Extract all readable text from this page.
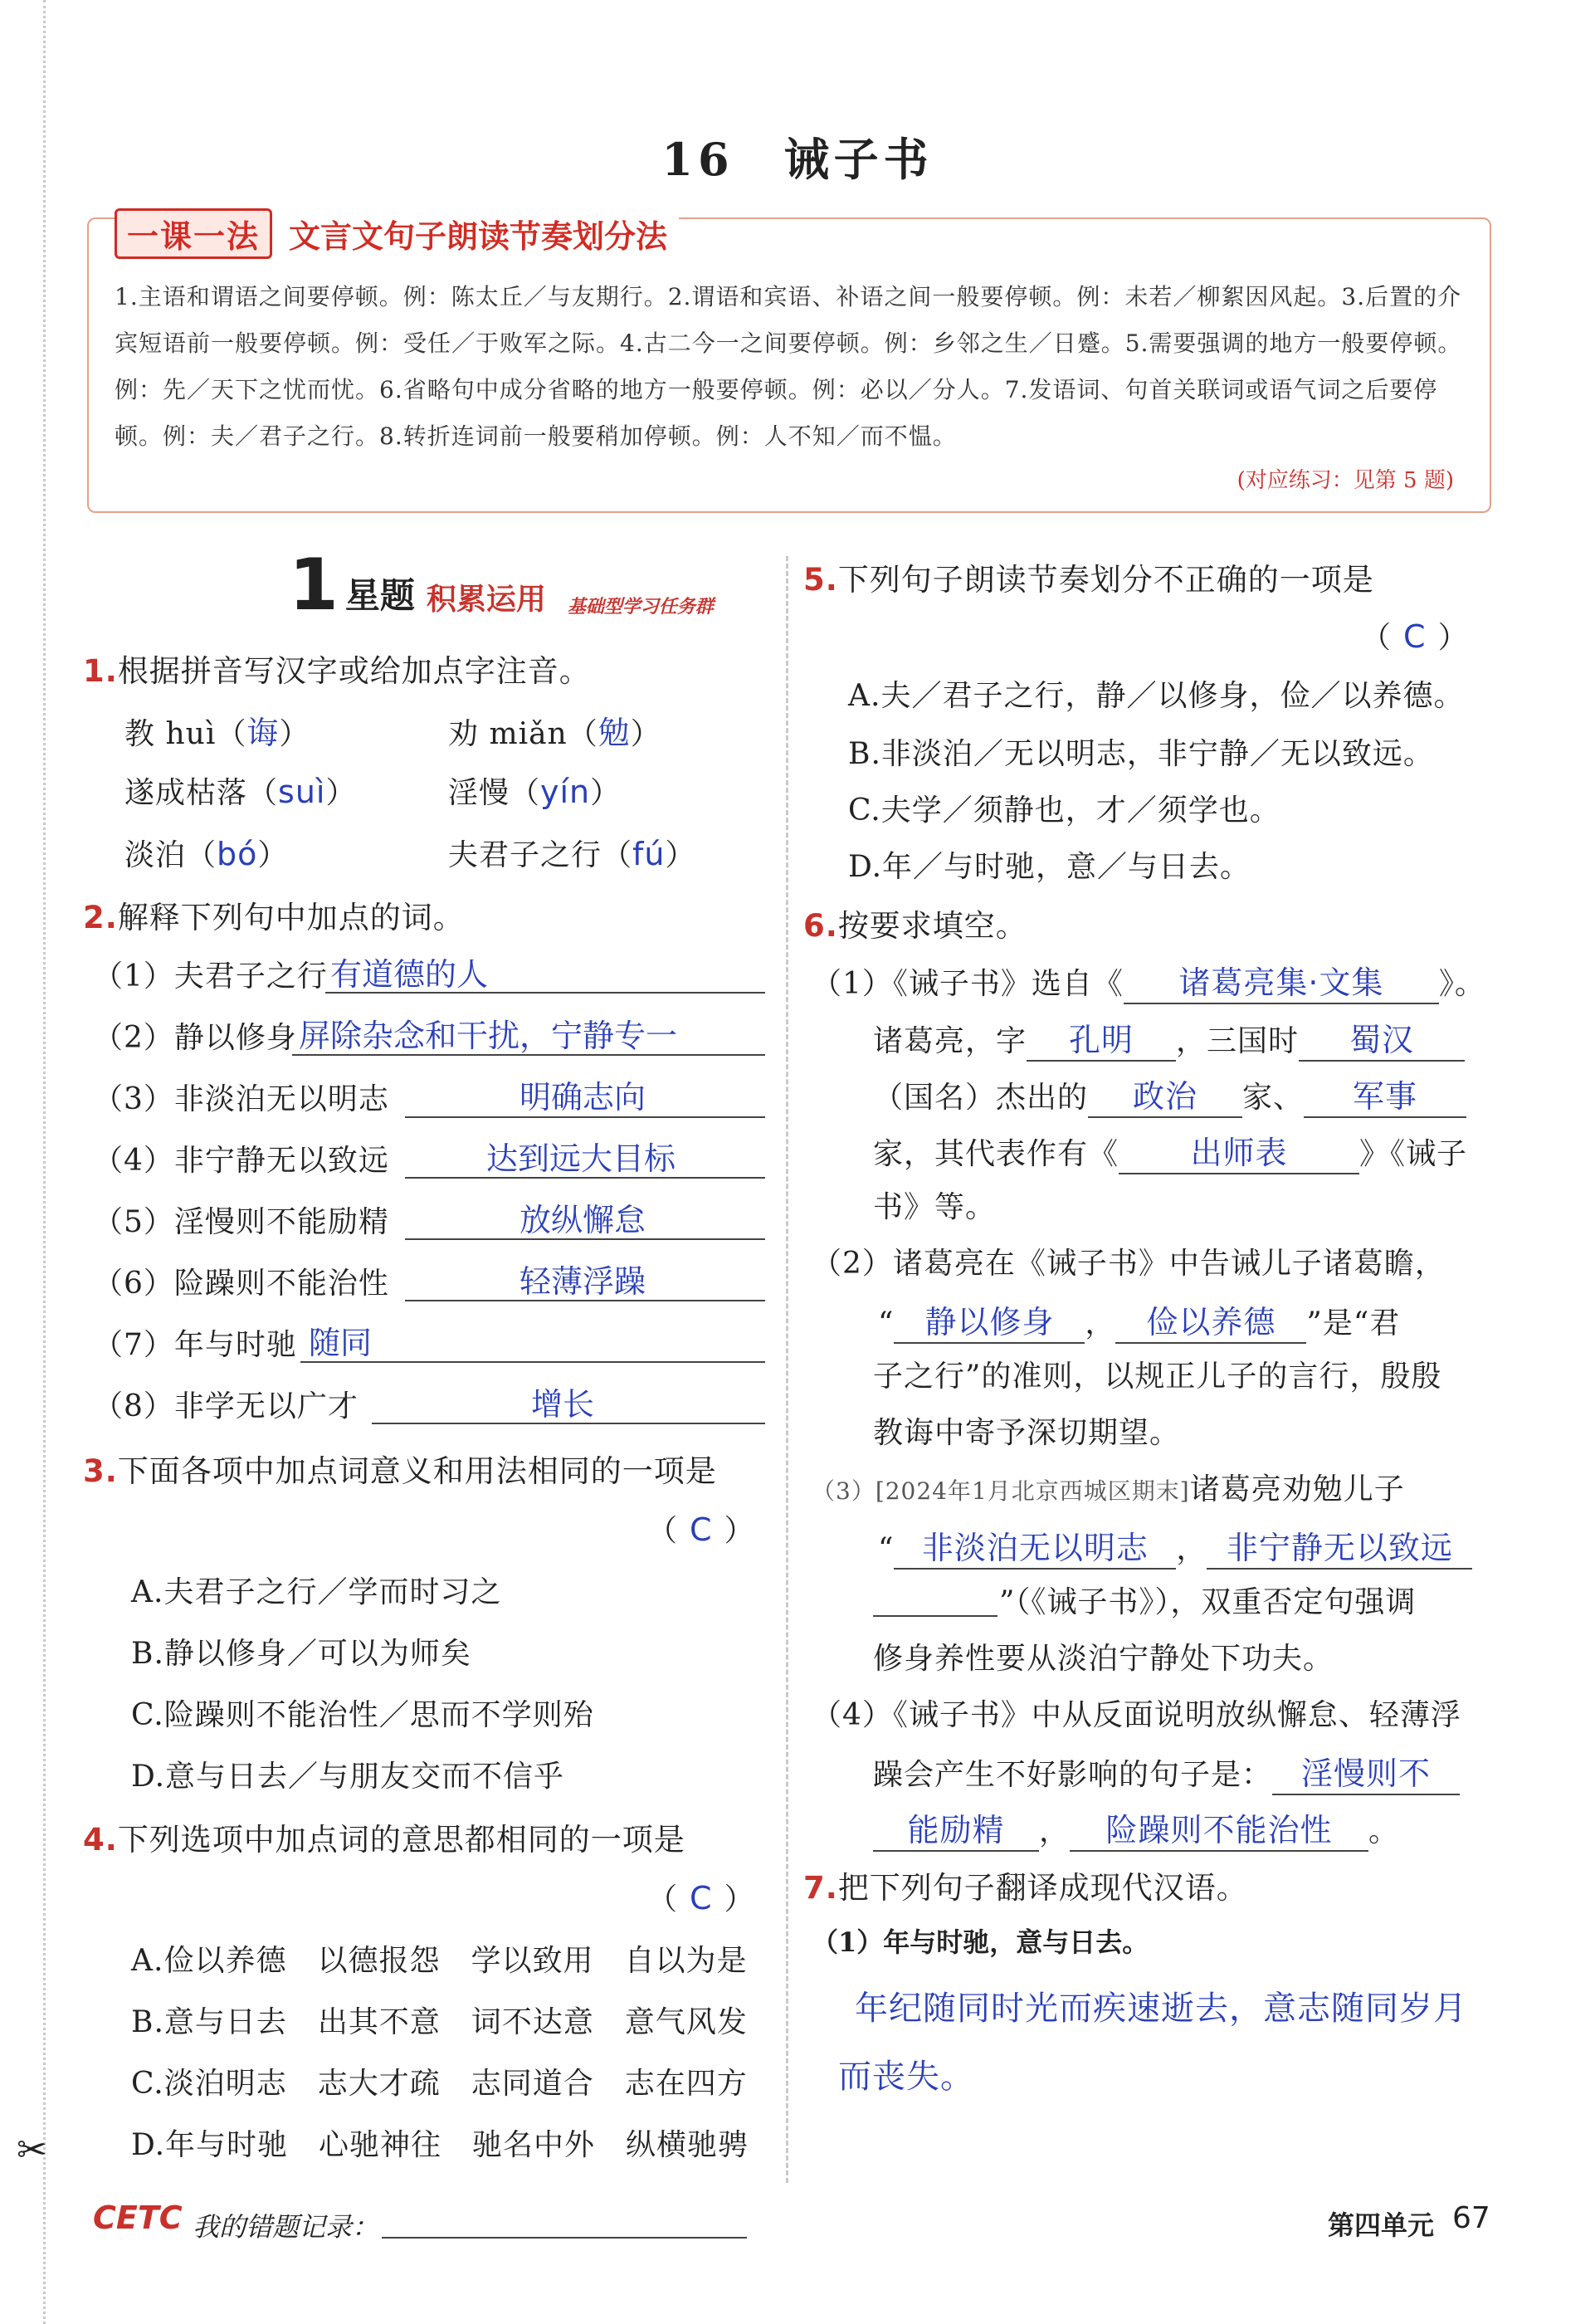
✂
16　诫子书
一课一法 文言文句子朗读节奏划分法
1.主语和谓语之间要停顿。例：陈太丘／与友期行。2.谓语和宾语、补语之间一般要停顿。例：未若／柳絮因风起。3.后置的介宾短语前一般要停顿。例：受任／于败军之际。4.古二今一之间要停顿。例：乡邻之生／日蹙。5.需要强调的地方一般要停顿。例：先／天下之忧而忧。6.省略句中成分省略的地方一般要停顿。例：必以／分人。7.发语词、句首关联词或语气词之后要停顿。例：夫／君子之行。8.转折连词前一般要稍加停顿。例：人不知／而不愠。
(对应练习：见第 5 题)
1 星题 积累运用 基础型学习任务群
1.根据拼音写汉字或给加点字注音。
教 huì（诲）	劝 miǎn（勉）
遂成枯落（suì）	淫慢（yín）
淡泊（bó）	夫君子之行（fú）
2.解释下列句中加点的词。
（1）夫君子之行 有道德的人
（2）静以修身 屏除杂念和干扰，宁静专一
（3）非淡泊无以明志	明确志向
（4）非宁静无以致远	达到远大目标
（5）淫慢则不能励精	放纵懈怠
（6）险躁则不能治性	轻薄浮躁
（7）年与时驰 随同
（8）非学无以广才	增长
3.下面各项中加点词意义和用法相同的一项是
（ C ）
A.夫君子之行／学而时习之
B.静以修身／可以为师矣
C.险躁则不能治性／思而不学则殆
D.意与日去／与朋友交而不信乎
4.下列选项中加点词的意思都相同的一项是
（ C ）
A.俭以养德　以德报怨　学以致用　自以为是
B.意与日去　出其不意　词不达意　意气风发
C.淡泊明志　志大才疏　志同道合　志在四方
D.年与时驰　心驰神往　驰名中外　纵横驰骋
5.下列句子朗读节奏划分不正确的一项是
（ C ）
A.夫／君子之行，静／以修身，俭／以养德。
B.非淡泊／无以明志，非宁静／无以致远。
C.夫学／须静也，才／须学也。
D.年／与时驰，意／与日去。
6.按要求填空。
（1）《诫子书》选自《 诸葛亮集·文集 》。
诸葛亮，字 孔明 ，三国时 蜀汉
（国名）杰出的 政治 家、 军事
家，其代表作有《 出师表 》《诫子
书》等。
（2）诸葛亮在《诫子书》中告诫儿子诸葛瞻，
“ 静以修身 ， 俭以养德 ”是“君
子之行”的准则，以规正儿子的言行，殷殷
教诲中寄予深切期望。
（3）[2024年1月北京西城区期末]诸葛亮劝勉儿子
“ 非淡泊无以明志 ， 非宁静无以致远
”（《诫子书》），双重否定句强调
修身养性要从淡泊宁静处下功夫。
（4）《诫子书》中从反面说明放纵懈怠、轻薄浮
躁会产生不好影响的句子是： 淫慢则不
能励精 ， 险躁则不能治性 。
7.把下列句子翻译成现代汉语。
（1）年与时驰，意与日去。
年纪随同时光而疾速逝去，意志随同岁月
而丧失。
CETC 我的错题记录：	第四单元 67
